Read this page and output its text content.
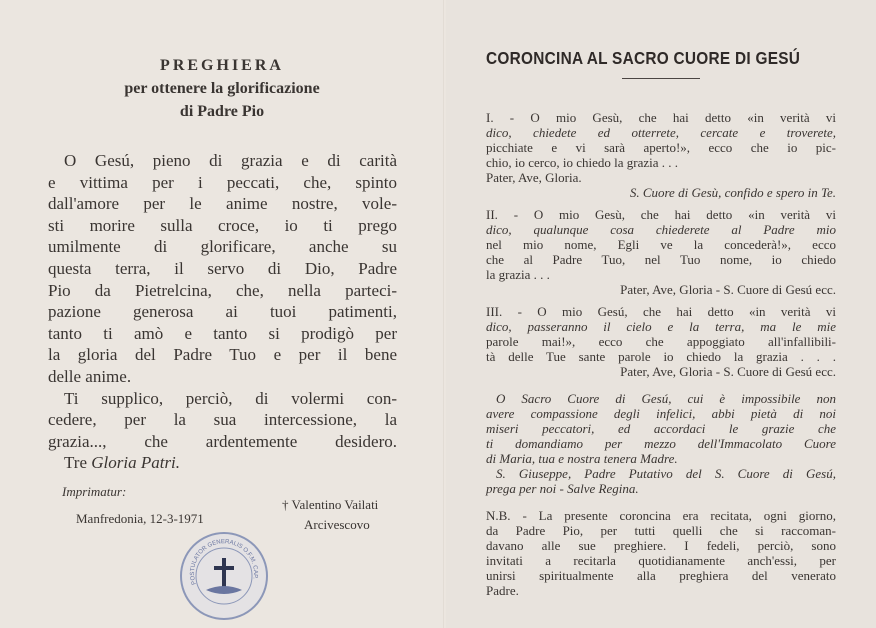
PREGHIERA
per ottenere la glorificazione
di Padre Pio
O Gesú, pieno di grazia e di carità
e vittima per i peccati, che, spinto
dall'amore per le anime nostre, vole-
sti morire sulla croce, io ti prego
umilmente di glorificare, anche su
questa terra, il servo di Dio, Padre
Pio da Pietrelcina, che, nella parteci-
pazione generosa ai tuoi patimenti,
tanto ti amò e tanto si prodigò per
la gloria del Padre Tuo e per il bene
delle anime.
Ti supplico, perciò, di volermi con-
cedere, per la sua intercessione, la
grazia..., che ardentemente desidero.
Tre Gloria Patri.
Imprimatur:
Manfredonia, 12-3-1971
† Valentino Vailati
Arcivescovo
POSTULATOR GENERALIS O.F.M. CAP.
CORONCINA AL SACRO CUORE DI GESÚ
I. - O mio Gesù, che hai detto «in verità vi
dico, chiedete ed otterrete, cercate e troverete,
picchiate e vi sarà aperto!», ecco che io pic-
chio, io cerco, io chiedo la grazia . . .
Pater, Ave, Gloria.
S. Cuore di Gesù, confido e spero in Te.
II. - O mio Gesù, che hai detto «in verità vi
dico, qualunque cosa chiederete al Padre mio
nel mio nome, Egli ve la concederà!», ecco
che al Padre Tuo, nel Tuo nome, io chiedo
la grazia . . .
Pater, Ave, Gloria - S. Cuore di Gesú ecc.
III. - O mio Gesú, che hai detto «in verità vi
dico, passeranno il cielo e la terra, ma le mie
parole mai!», ecco che appoggiato all'infallibili-
tà delle Tue sante parole io chiedo la grazia . . .
Pater, Ave, Gloria - S. Cuore di Gesú ecc.
O Sacro Cuore di Gesú, cui è impossibile non
avere compassione degli infelici, abbi pietà di noi
miseri peccatori, ed accordaci le grazie che
ti domandiamo per mezzo dell'Immacolato Cuore
di Maria, tua e nostra tenera Madre.
S. Giuseppe, Padre Putativo del S. Cuore di Gesú,
prega per noi - Salve Regina.
N.B. - La presente coroncina era recitata, ogni giorno,
da Padre Pio, per tutti quelli che si raccoman-
davano alle sue preghiere. I fedeli, perciò, sono
invitati a recitarla quotidianamente anch'essi, per
unirsi spiritualmente alla preghiera del venerato
Padre.
